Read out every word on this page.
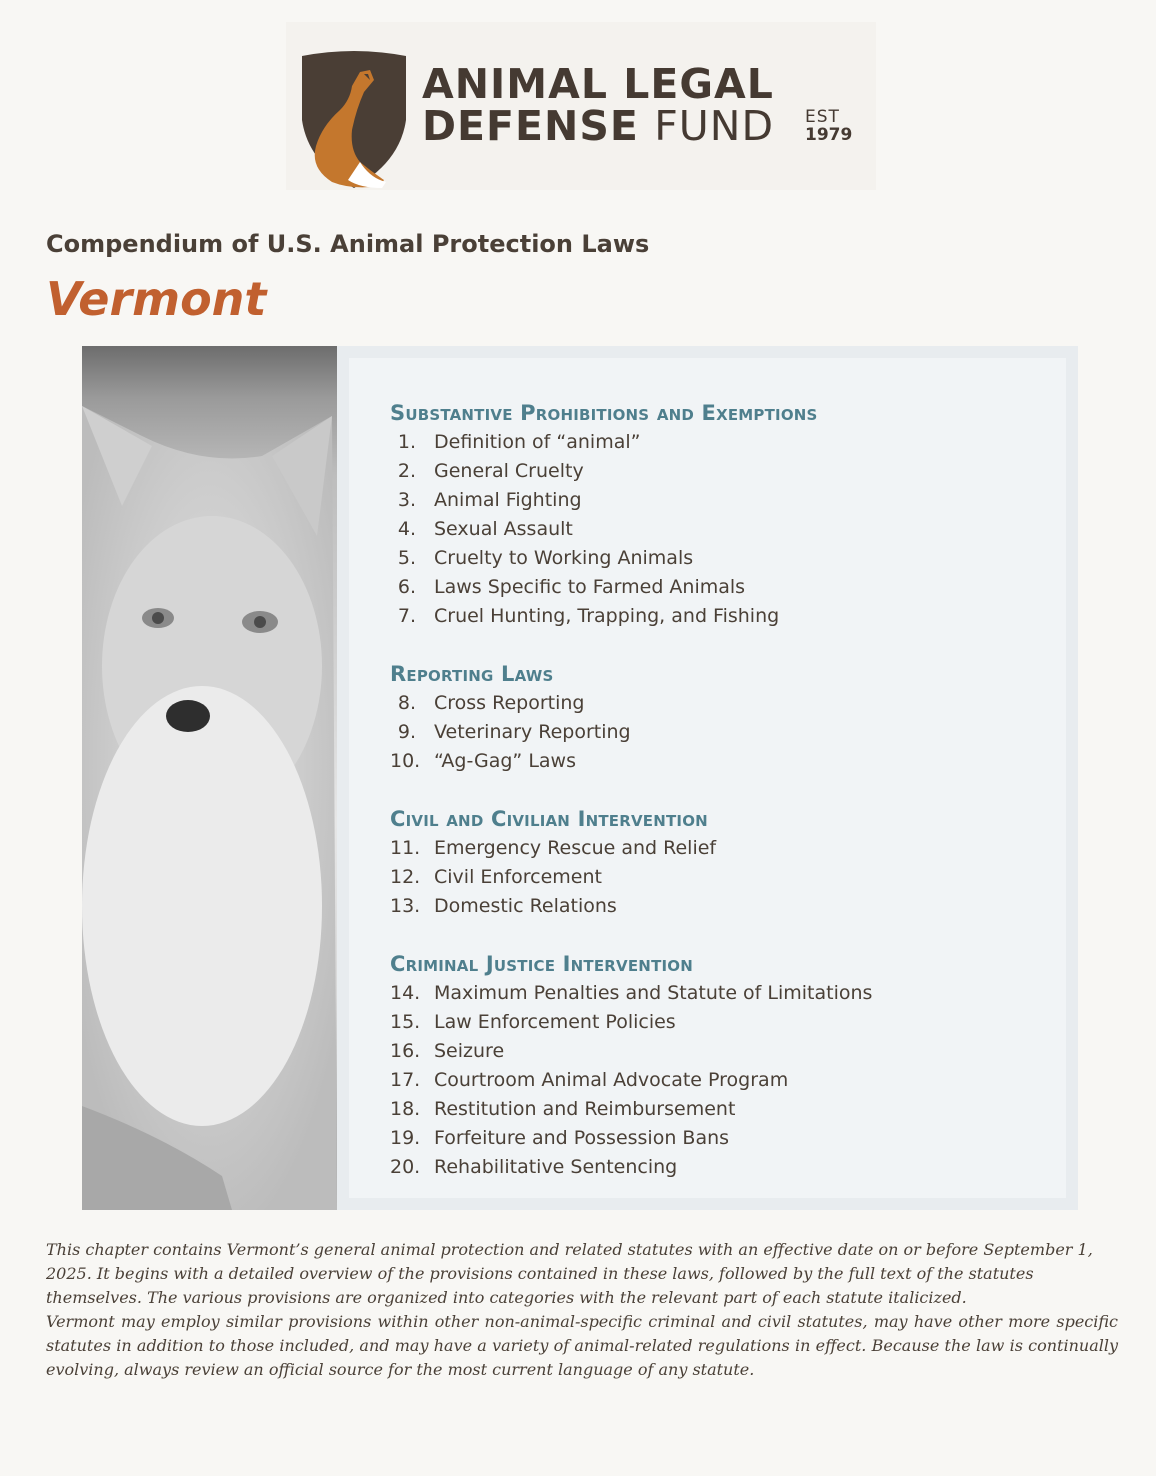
ANIMAL LEGAL
DEFENSE FUND EST
1979
Compendium of U.S. Animal Protection Laws
Vermont
Substantive Prohibitions and Exemptions
1. Definition of “animal”
2. General Cruelty
3. Animal Fighting
4. Sexual Assault
5. Cruelty to Working Animals
6. Laws Specific to Farmed Animals
7. Cruel Hunting, Trapping, and Fishing
Reporting Laws
8. Cross Reporting
9. Veterinary Reporting
10. “Ag-Gag” Laws
Civil and Civilian Intervention
11. Emergency Rescue and Relief
12. Civil Enforcement
13. Domestic Relations
Criminal Justice Intervention
14. Maximum Penalties and Statute of Limitations
15. Law Enforcement Policies
16. Seizure
17. Courtroom Animal Advocate Program
18. Restitution and Reimbursement
19. Forfeiture and Possession Bans
20. Rehabilitative Sentencing

This chapter contains Vermont’s general animal protection and related statutes with an effective date on or before September 1, 2025. It begins with a detailed overview of the provisions contained in these laws, followed by the full text of the statutes themselves. The various provisions are organized into categories with the relevant part of each statute italicized.

Vermont may employ similar provisions within other non-animal-specific criminal and civil statutes, may have other more specific statutes in addition to those included, and may have a variety of animal-related regulations in effect. Because the law is continually evolving, always review an official source for the most current language of any statute.
